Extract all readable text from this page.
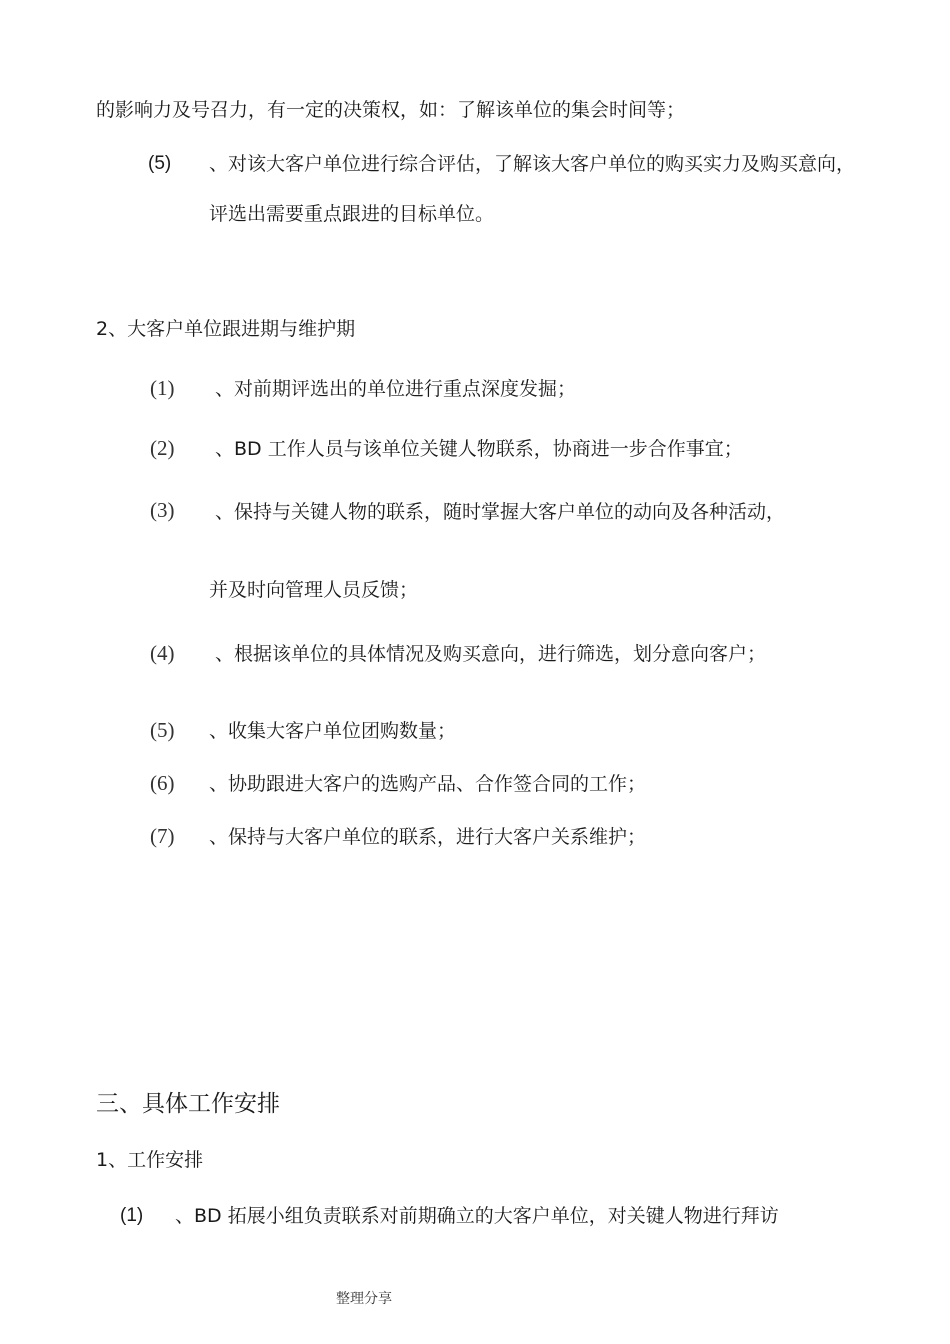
的影响力及号召力，有一定的决策权，如：了解该单位的集会时间等；
(5) 、对该大客户单位进行综合评估，了解该大客户单位的购买实力及购买意向，
评选出需要重点跟进的目标单位。
2、大客户单位跟进期与维护期
(1) 、对前期评选出的单位进行重点深度发掘；
(2) 、BD 工作人员与该单位关键人物联系，协商进一步合作事宜；
(3) 、保持与关键人物的联系，随时掌握大客户单位的动向及各种活动，
并及时向管理人员反馈；
(4) 、根据该单位的具体情况及购买意向，进行筛选，划分意向客户；
(5) 、收集大客户单位团购数量；
(6) 、协助跟进大客户的选购产品、合作签合同的工作；
(7) 、保持与大客户单位的联系，进行大客户关系维护；
三、具体工作安排
1、工作安排
(1) 、BD 拓展小组负责联系对前期确立的大客户单位，对关键人物进行拜访
整理分享
